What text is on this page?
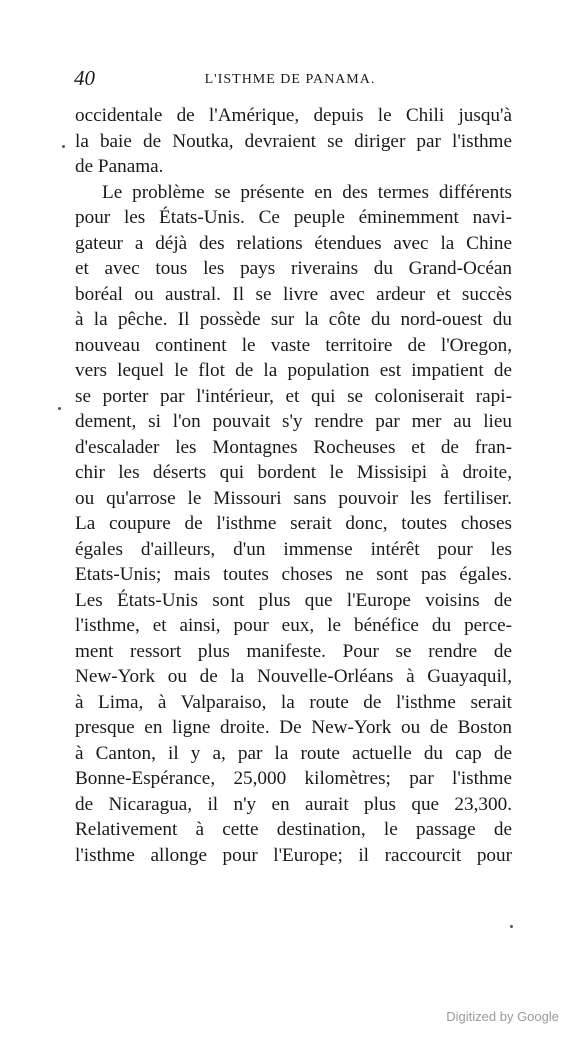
40	L'ISTHME DE PANAMA.
occidentale de l'Amérique, depuis le Chili jusqu'à
la baie de Noutka, devraient se diriger par l'isthme
de Panama.
Le problème se présente en des termes différents
pour les États-Unis. Ce peuple éminemment navi-
gateur a déjà des relations étendues avec la Chine
et avec tous les pays riverains du Grand-Océan
boréal ou austral. Il se livre avec ardeur et succès
à la pêche. Il possède sur la côte du nord-ouest du
nouveau continent le vaste territoire de l'Oregon,
vers lequel le flot de la population est impatient de
se porter par l'intérieur, et qui se coloniserait rapi-
dement, si l'on pouvait s'y rendre par mer au lieu
d'escalader les Montagnes Rocheuses et de fran-
chir les déserts qui bordent le Missisipi à droite,
ou qu'arrose le Missouri sans pouvoir les fertiliser.
La coupure de l'isthme serait donc, toutes choses
égales d'ailleurs, d'un immense intérêt pour les
Etats-Unis; mais toutes choses ne sont pas égales.
Les États-Unis sont plus que l'Europe voisins de
l'isthme, et ainsi, pour eux, le bénéfice du perce-
ment ressort plus manifeste. Pour se rendre de
New-York ou de la Nouvelle-Orléans à Guayaquil,
à Lima, à Valparaiso, la route de l'isthme serait
presque en ligne droite. De New-York ou de Boston
à Canton, il y a, par la route actuelle du cap de
Bonne-Espérance, 25,000 kilomètres; par l'isthme
de Nicaragua, il n'y en aurait plus que 23,300.
Relativement à cette destination, le passage de
l'isthme allonge pour l'Europe; il raccourcit pour
Digitized by Google
